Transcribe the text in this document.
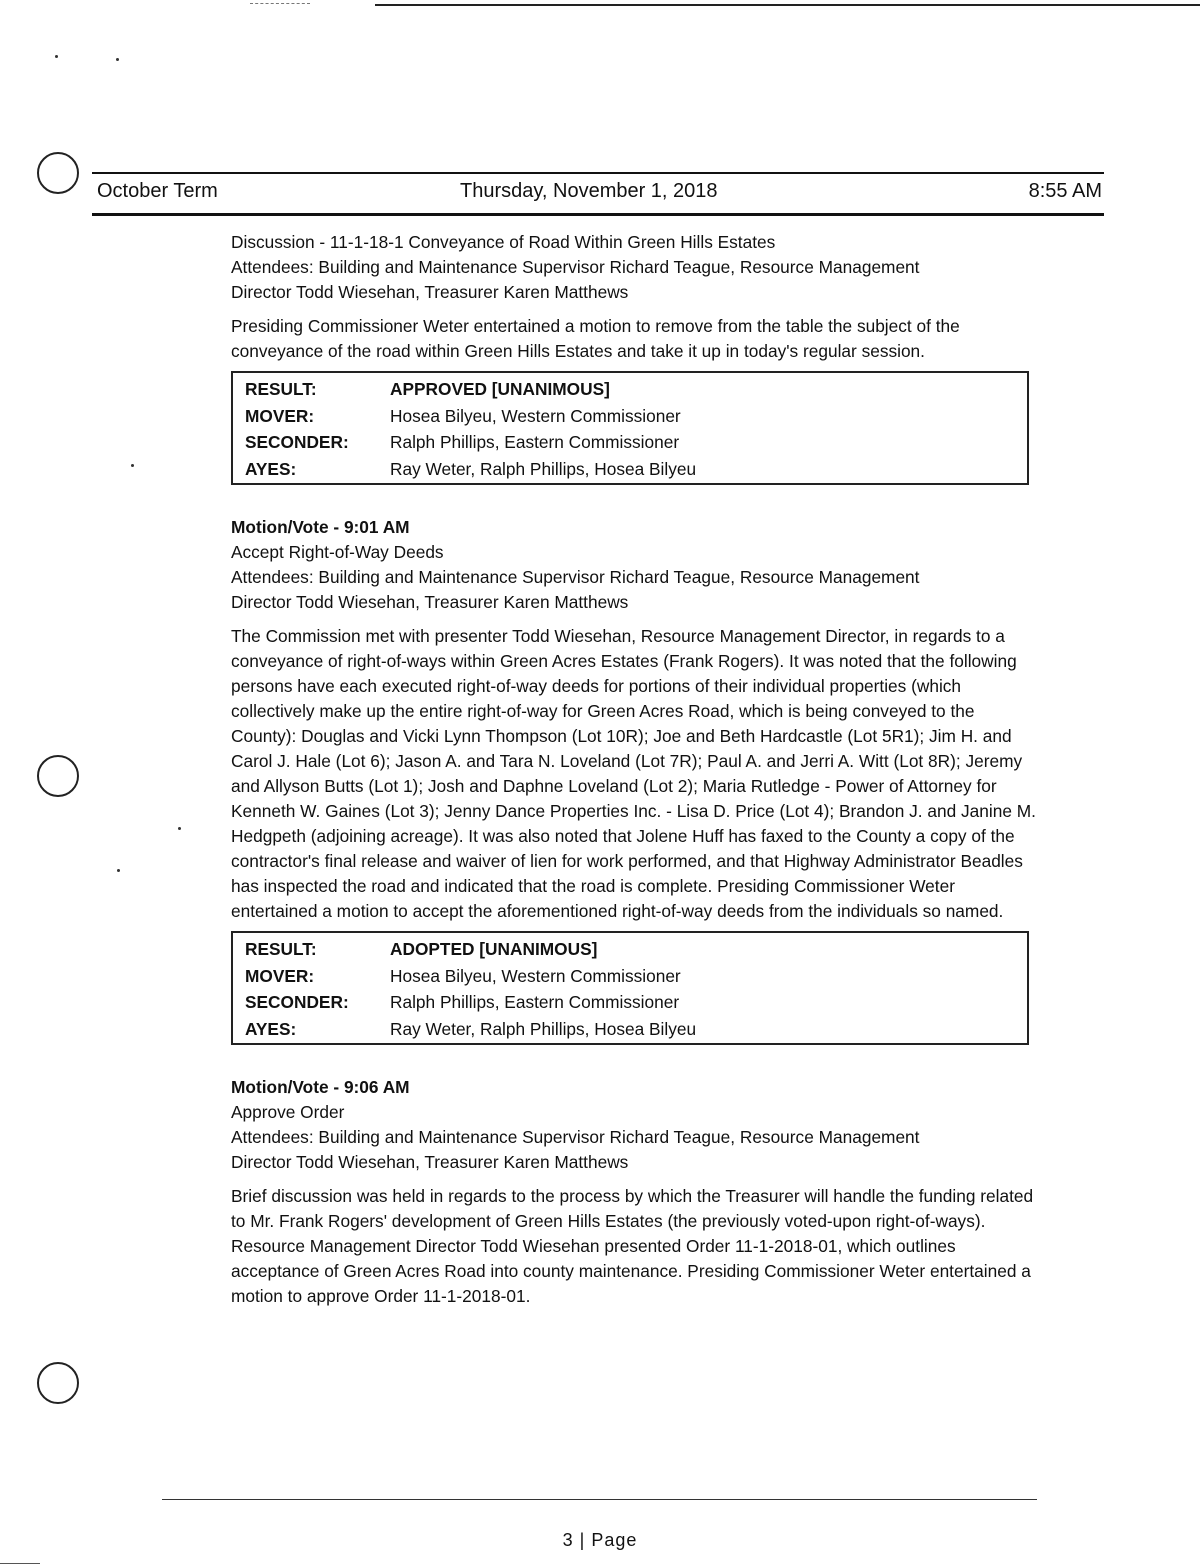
October Term	Thursday, November 1, 2018	8:55 AM
Discussion - 11-1-18-1 Conveyance of Road Within Green Hills Estates
Attendees: Building and Maintenance Supervisor Richard Teague, Resource Management
Director Todd Wiesehan, Treasurer Karen Matthews

Presiding Commissioner Weter entertained a motion to remove from the table the subject of the conveyance of the road within Green Hills Estates and take it up in today's regular session.

RESULT:	APPROVED [UNANIMOUS]
MOVER:	Hosea Bilyeu, Western Commissioner
SECONDER:	Ralph Phillips, Eastern Commissioner
AYES:	Ray Weter, Ralph Phillips, Hosea Bilyeu
Motion/Vote - 9:01 AM
Accept Right-of-Way Deeds
Attendees: Building and Maintenance Supervisor Richard Teague, Resource Management
Director Todd Wiesehan, Treasurer Karen Matthews

The Commission met with presenter Todd Wiesehan, Resource Management Director, in regards to a conveyance of right-of-ways within Green Acres Estates (Frank Rogers). It was noted that the following persons have each executed right-of-way deeds for portions of their individual properties (which collectively make up the entire right-of-way for Green Acres Road, which is being conveyed to the County): Douglas and Vicki Lynn Thompson (Lot 10R); Joe and Beth Hardcastle (Lot 5R1); Jim H. and Carol J. Hale (Lot 6); Jason A. and Tara N. Loveland (Lot 7R); Paul A. and Jerri A. Witt (Lot 8R); Jeremy and Allyson Butts (Lot 1); Josh and Daphne Loveland (Lot 2); Maria Rutledge - Power of Attorney for Kenneth W. Gaines (Lot 3); Jenny Dance Properties Inc. - Lisa D. Price (Lot 4); Brandon J. and Janine M. Hedgpeth (adjoining acreage). It was also noted that Jolene Huff has faxed to the County a copy of the contractor's final release and waiver of lien for work performed, and that Highway Administrator Beadles has inspected the road and indicated that the road is complete. Presiding Commissioner Weter entertained a motion to accept the aforementioned right-of-way deeds from the individuals so named.

RESULT:	ADOPTED [UNANIMOUS]
MOVER:	Hosea Bilyeu, Western Commissioner
SECONDER:	Ralph Phillips, Eastern Commissioner
AYES:	Ray Weter, Ralph Phillips, Hosea Bilyeu
Motion/Vote - 9:06 AM
Approve Order
Attendees: Building and Maintenance Supervisor Richard Teague, Resource Management
Director Todd Wiesehan, Treasurer Karen Matthews

Brief discussion was held in regards to the process by which the Treasurer will handle the funding related to Mr. Frank Rogers' development of Green Hills Estates (the previously voted-upon right-of-ways). Resource Management Director Todd Wiesehan presented Order 11-1-2018-01, which outlines acceptance of Green Acres Road into county maintenance. Presiding Commissioner Weter entertained a motion to approve Order 11-1-2018-01.

3 | Page
